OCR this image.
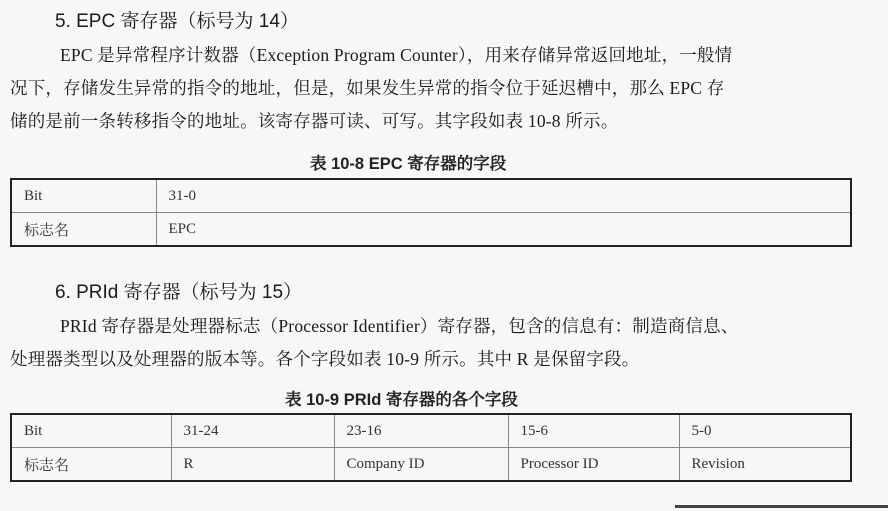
5. EPC 寄存器（标号为 14）
EPC 是异常程序计数器（Exception Program Counter），用来存储异常返回地址，一般情
况下，存储发生异常的指令的地址，但是，如果发生异常的指令位于延迟槽中，那么 EPC 存
储的是前一条转移指令的地址。该寄存器可读、可写。其字段如表 10-8 所示。
表 10-8 EPC 寄存器的字段
Bit	31-0
标志名	EPC
6. PRId 寄存器（标号为 15）
PRId 寄存器是处理器标志（Processor Identifier）寄存器，包含的信息有：制造商信息、
处理器类型以及处理器的版本等。各个字段如表 10-9 所示。其中 R 是保留字段。
表 10-9 PRId 寄存器的各个字段
Bit	31-24	23-16	15-6	5-0
标志名	R	Company ID	Processor ID	Revision
